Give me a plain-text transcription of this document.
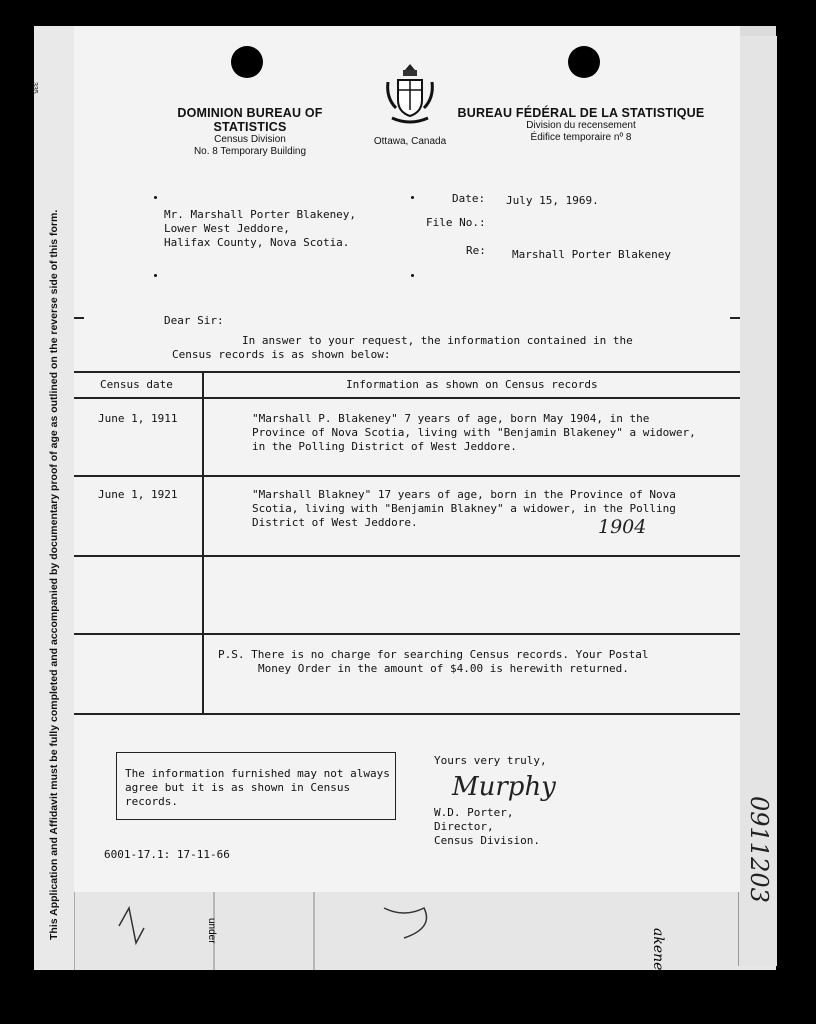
under	akeney
0911203
335
This Application and Affidavit must be fully completed and accompanied by documentary proof of age as outlined on the reverse side of this form.
DOMINION BUREAU OF STATISTICS
Census Division
No. 8 Temporary Building
Ottawa, Canada
BUREAU FÉDÉRAL DE LA STATISTIQUE
Division du recensement
Édifice temporaire nº 8
Mr. Marshall Porter Blakeney,
Lower West Jeddore,
Halifax County, Nova Scotia.
Date: July 15, 1969.
File No.:
Re: Marshall Porter Blakeney
Dear Sir:
In answer to your request, the information contained in the
Census records is as shown below:
Census date	Information as shown on Census records
June 1, 1911	"Marshall P. Blakeney" 7 years of age, born May 1904, in the
Province of Nova Scotia, living with "Benjamin Blakeney" a widower,
in the Polling District of West Jeddore.
June 1, 1921	"Marshall Blakney" 17 years of age, born in the Province of Nova
Scotia, living with "Benjamin Blakney" a widower, in the Polling
District of West Jeddore.	1904
P.S. There is no charge for searching Census records. Your Postal
Money Order in the amount of $4.00 is herewith returned.
Yours very truly,
Murphy
W.D. Porter,
Director,
Census Division.
6001-17.1: 17-11-66
The information furnished may not always
agree but it is as shown in Census
records.
